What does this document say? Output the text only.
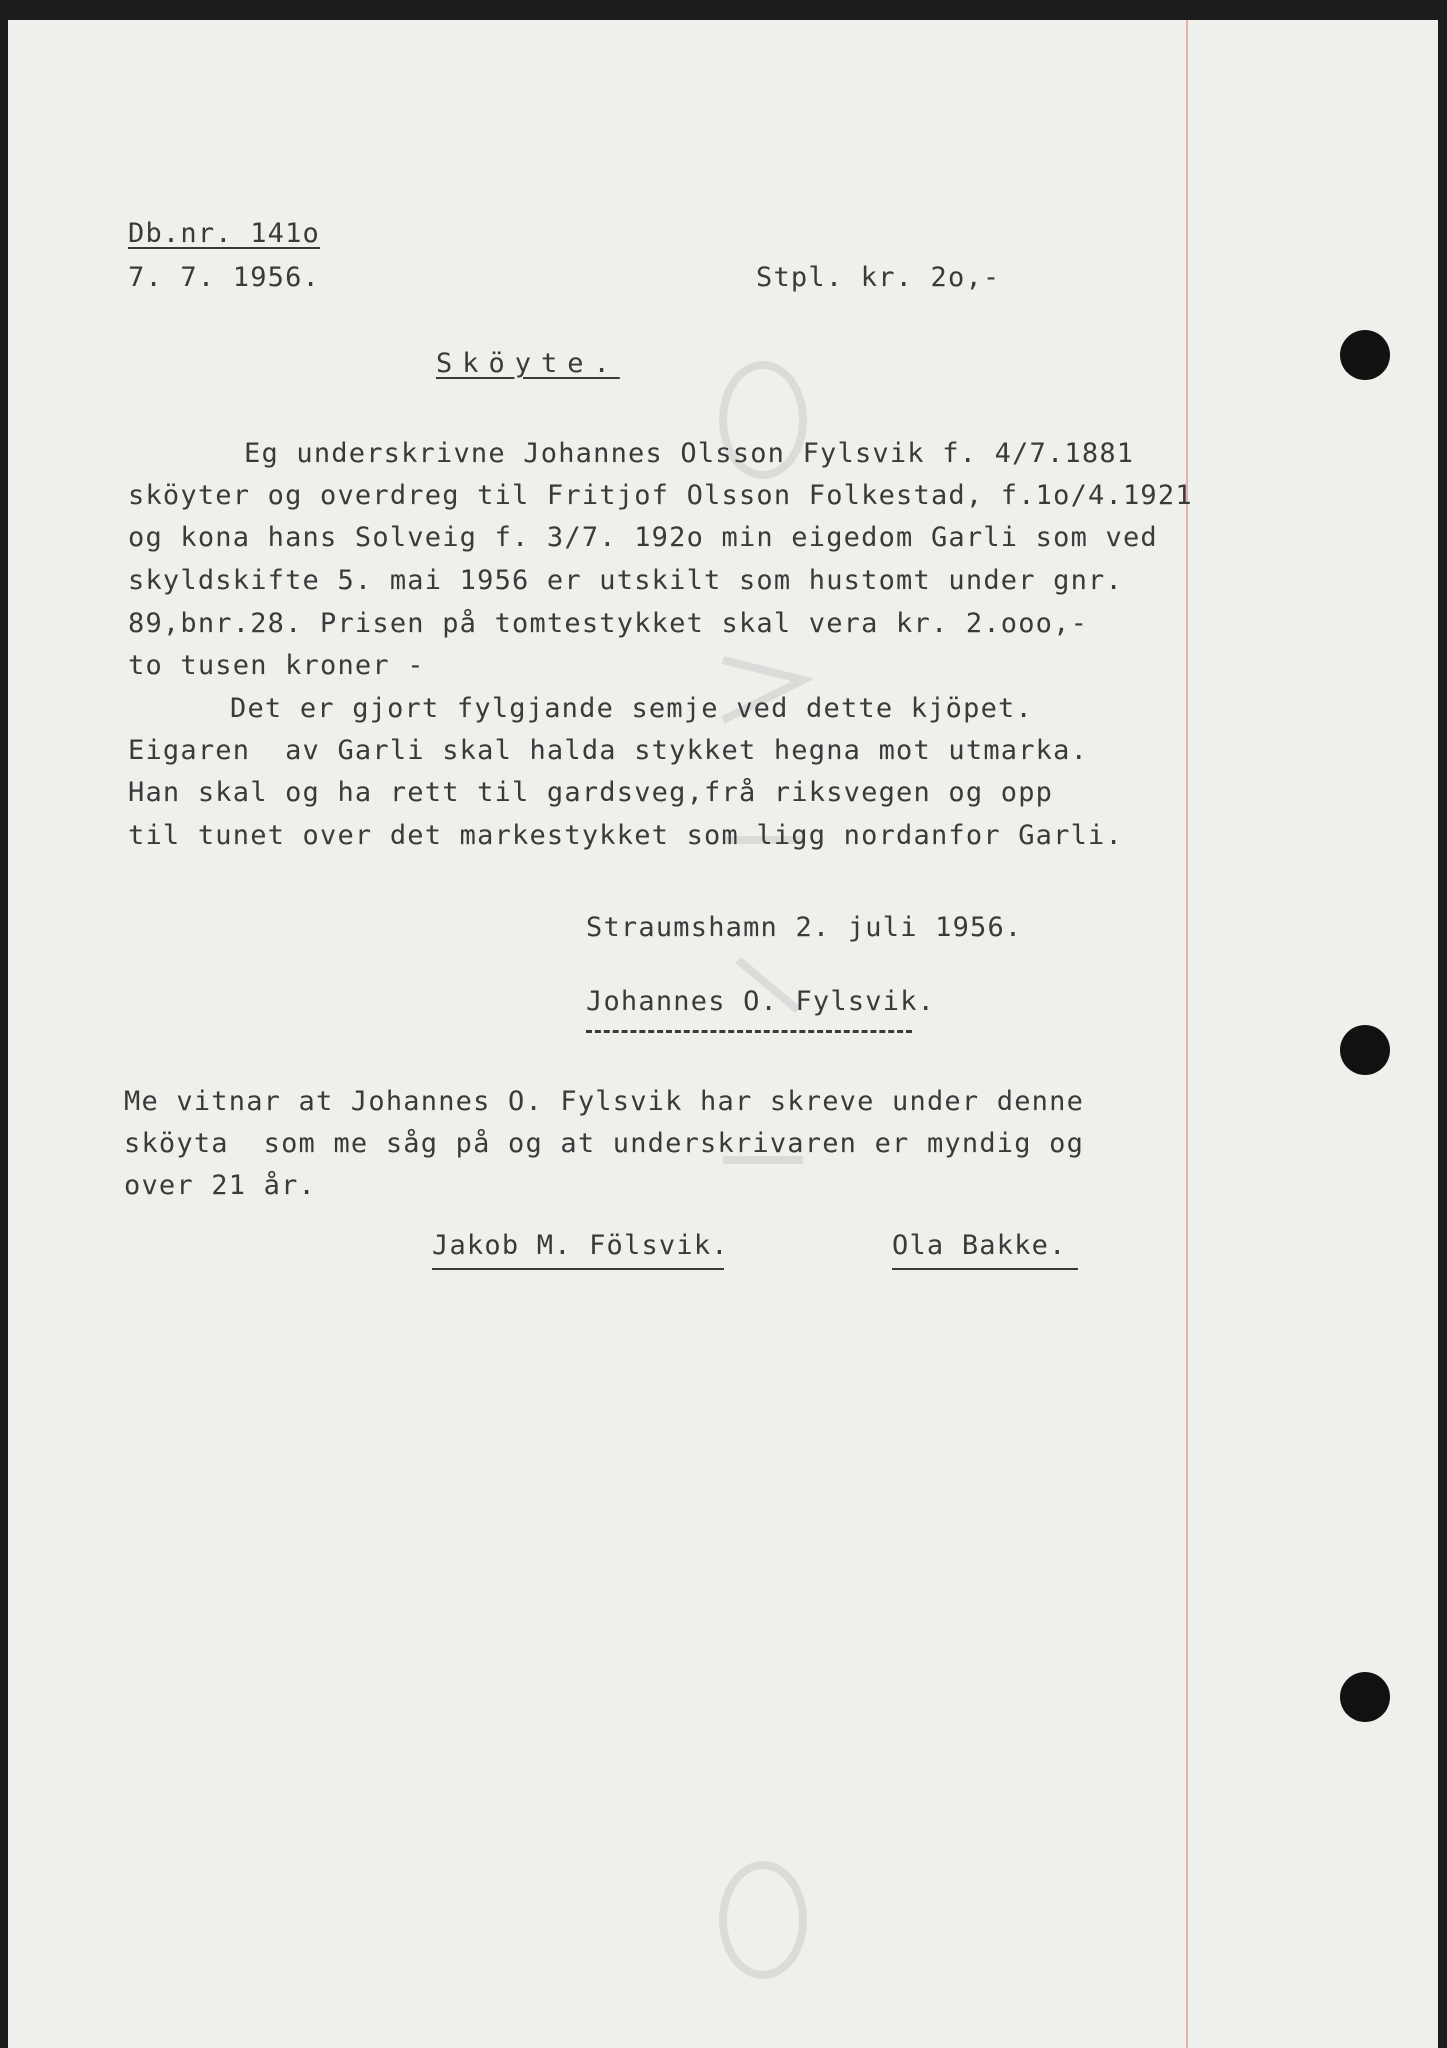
Db.nr. 141o
7. 7. 1956.	Stpl. kr. 2o,-
Sköyte.
Eg underskrivne Johannes Olsson Fylsvik f. 4/7.1881
sköyter og overdreg til Fritjof Olsson Folkestad, f.1o/4.1921
og kona hans Solveig f. 3/7. 192o min eigedom Garli som ved
skyldskifte 5. mai 1956 er utskilt som hustomt under gnr.
89,bnr.28. Prisen på tomtestykket skal vera kr. 2.ooo,-
to tusen kroner -
Det er gjort fylgjande semje ved dette kjöpet.
Eigaren  av Garli skal halda stykket hegna mot utmarka.
Han skal og ha rett til gardsveg,frå riksvegen og opp
til tunet over det markestykket som ligg nordanfor Garli.
Straumshamn 2. juli 1956.
Johannes O. Fylsvik.
Me vitnar at Johannes O. Fylsvik har skreve under denne
sköyta  som me såg på og at underskrivaren er myndig og
over 21 år.
Jakob M. Fölsvik.	Ola Bakke.
